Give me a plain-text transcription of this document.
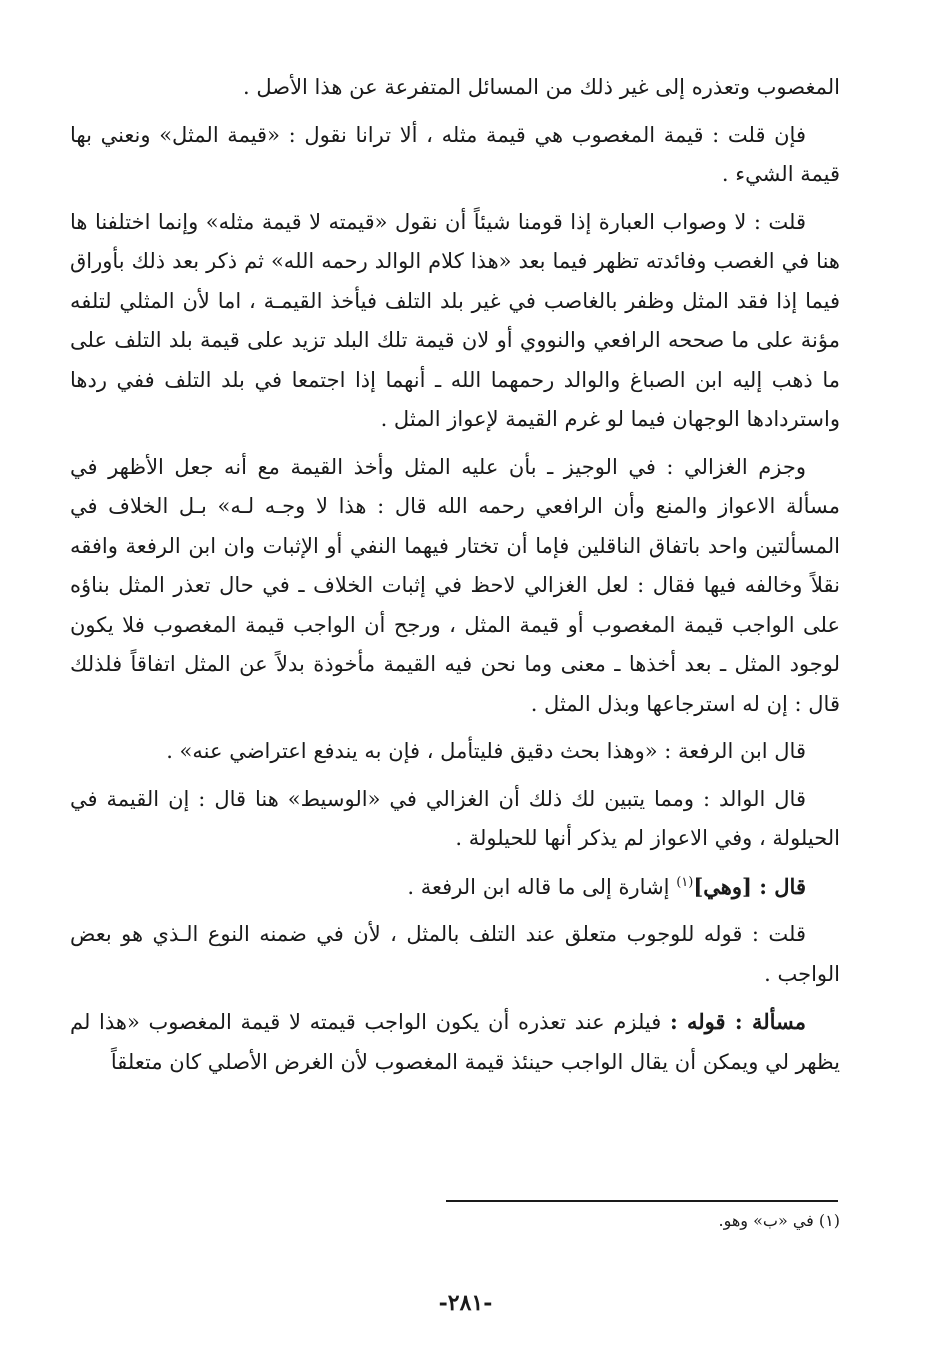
المغصوب وتعذره إلى غير ذلك من المسائل المتفرعة عن هذا الأصل .

فإن قلت : قيمة المغصوب هي قيمة مثله ، ألا ترانا نقول : «قيمة المثل» ونعني بها قيمة الشيء .

قلت : لا وصواب العبارة إذا قومنا شيئاً أن نقول «قيمته لا قيمة مثله» وإنما اختلفنا ها هنا في الغصب وفائدته تظهر فيما بعد «هذا كلام الوالد رحمه الله» ثم ذكر بعد ذلك بأوراق فيما إذا فقد المثل وظفر بالغاصب في غير بلد التلف فيأخذ القيمـة ، اما لأن المثلي لتلفه مؤنة على ما صححه الرافعي والنووي أو لان قيمة تلك البلد تزيد على قيمة بلد التلف على ما ذهب إليه ابن الصباغ والوالد رحمهما الله ـ أنهما إذا اجتمعا في بلد التلف ففي ردها واستردادها الوجهان فيما لو غرم القيمة لإعواز المثل .

وجزم الغزالي : في الوجيز ـ بأن عليه المثل وأخذ القيمة مع أنه جعل الأظهر في مسألة الاعواز والمنع وأن الرافعي رحمه الله قال : هذا لا وجـه لـه» بـل الخلاف في المسألتين واحد باتفاق الناقلين فإما أن تختار فيهما النفي أو الإثبات وان ابن الرفعة وافقه نقلاً وخالفه فيها فقال : لعل الغزالي لاحظ في إثبات الخلاف ـ في حال تعذر المثل بناؤه على الواجب قيمة المغصوب أو قيمة المثل ، ورجح أن الواجب قيمة المغصوب فلا يكون لوجود المثل ـ بعد أخذها ـ معنى وما نحن فيه القيمة مأخوذة بدلاً عن المثل اتفاقاً فلذلك قال : إن له استرجاعها وبذل المثل .

قال ابن الرفعة : «وهذا بحث دقيق فليتأمل ، فإن به يندفع اعتراضي عنه» .

قال الوالد : ومما يتبين لك ذلك أن الغزالي في «الوسيط» هنا قال : إن القيمة في الحيلولة ، وفي الاعواز لم يذكر أنها للحيلولة .

قال : [وهي]$^{(١)}$ إشارة إلى ما قاله ابن الرفعة .

قلت : قوله للوجوب متعلق عند التلف بالمثل ، لأن في ضمنه النوع الـذي هو بعض الواجب .

مسألة : قوله : فيلزم عند تعذره أن يكون الواجب قيمته لا قيمة المغصوب «هذا لم يظهر لي ويمكن أن يقال الواجب حينئذ قيمة المغصوب لأن الغرض الأصلي كان متعلقاً

(١) في «ب» وهو.
-٢٨١-
